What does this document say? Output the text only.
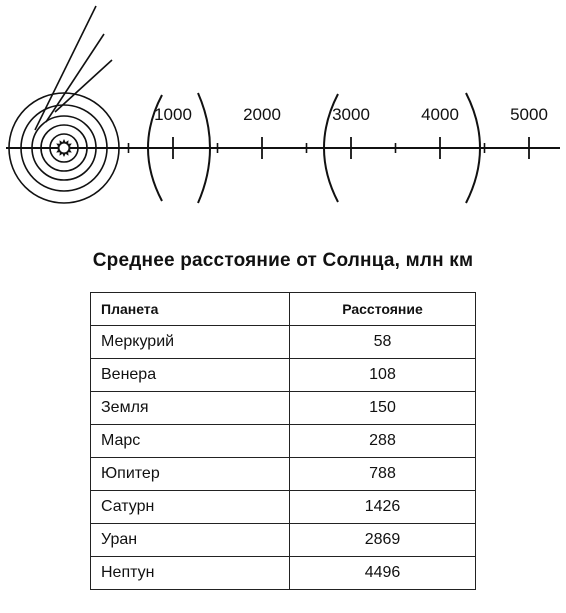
1000	2000	3000	4000	5000
Среднее расстояние от Солнца, млн км
Планета	Расстояние
Меркурий	58
Венера	108
Земля	150
Марс	288
Юпитер	788
Сатурн	1426
Уран	2869
Нептун	4496
